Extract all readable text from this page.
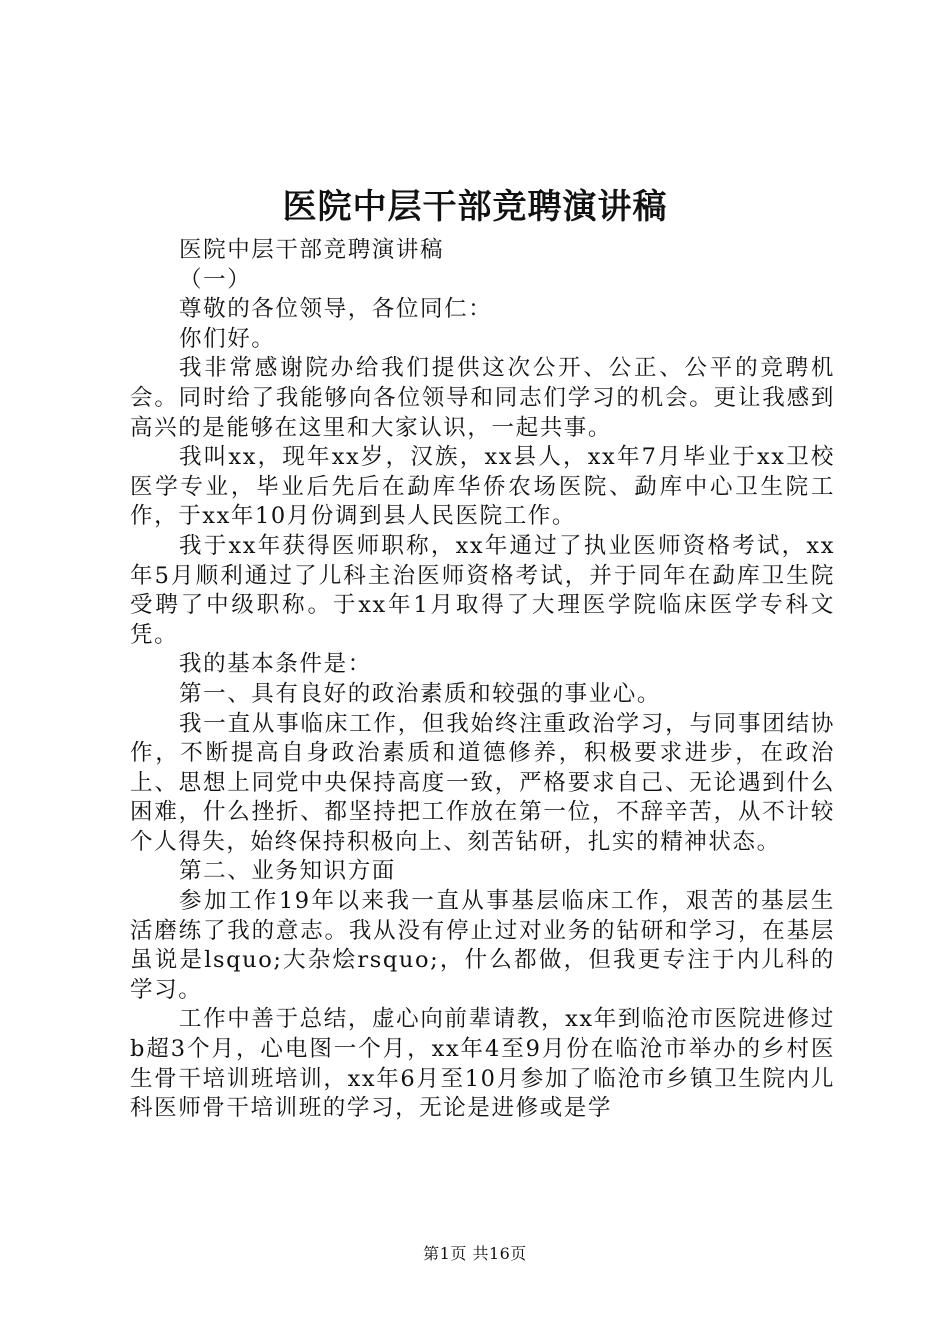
医院中层干部竞聘演讲稿

医院中层干部竞聘演讲稿

（一）

尊敬的各位领导，各位同仁：

你们好。

我非常感谢院办给我们提供这次公开、公正、公平的竞聘机会。同时给了我能够向各位领导和同志们学习的机会。更让我感到高兴的是能够在这里和大家认识，一起共事。

我叫xx，现年xx岁，汉族，xx县人，xx年7月毕业于xx卫校医学专业，毕业后先后在勐库华侨农场医院、勐库中心卫生院工作，于xx年10月份调到县人民医院工作。

我于xx年获得医师职称，xx年通过了执业医师资格考试，xx年5月顺利通过了儿科主治医师资格考试，并于同年在勐库卫生院受聘了中级职称。于xx年1月取得了大理医学院临床医学专科文凭。

我的基本条件是：

第一、具有良好的政治素质和较强的事业心。

我一直从事临床工作，但我始终注重政治学习，与同事团结协作，不断提高自身政治素质和道德修养，积极要求进步，在政治上、思想上同党中央保持高度一致，严格要求自己、无论遇到什么困难，什么挫折、都坚持把工作放在第一位，不辞辛苦，从不计较个人得失，始终保持积极向上、刻苦钻研，扎实的精神状态。

第二、业务知识方面

参加工作19年以来我一直从事基层临床工作，艰苦的基层生活磨练了我的意志。我从没有停止过对业务的钻研和学习，在基层虽说是lsquo;大杂烩rsquo;，什么都做，但我更专注于内儿科的学习。

工作中善于总结，虚心向前辈请教，xx年到临沧市医院进修过b超3个月，心电图一个月，xx年4至9月份在临沧市举办的乡村医生骨干培训班培训，xx年6月至10月参加了临沧市乡镇卫生院内儿科医师骨干培训班的学习，无论是进修或是学

第1页 共16页
